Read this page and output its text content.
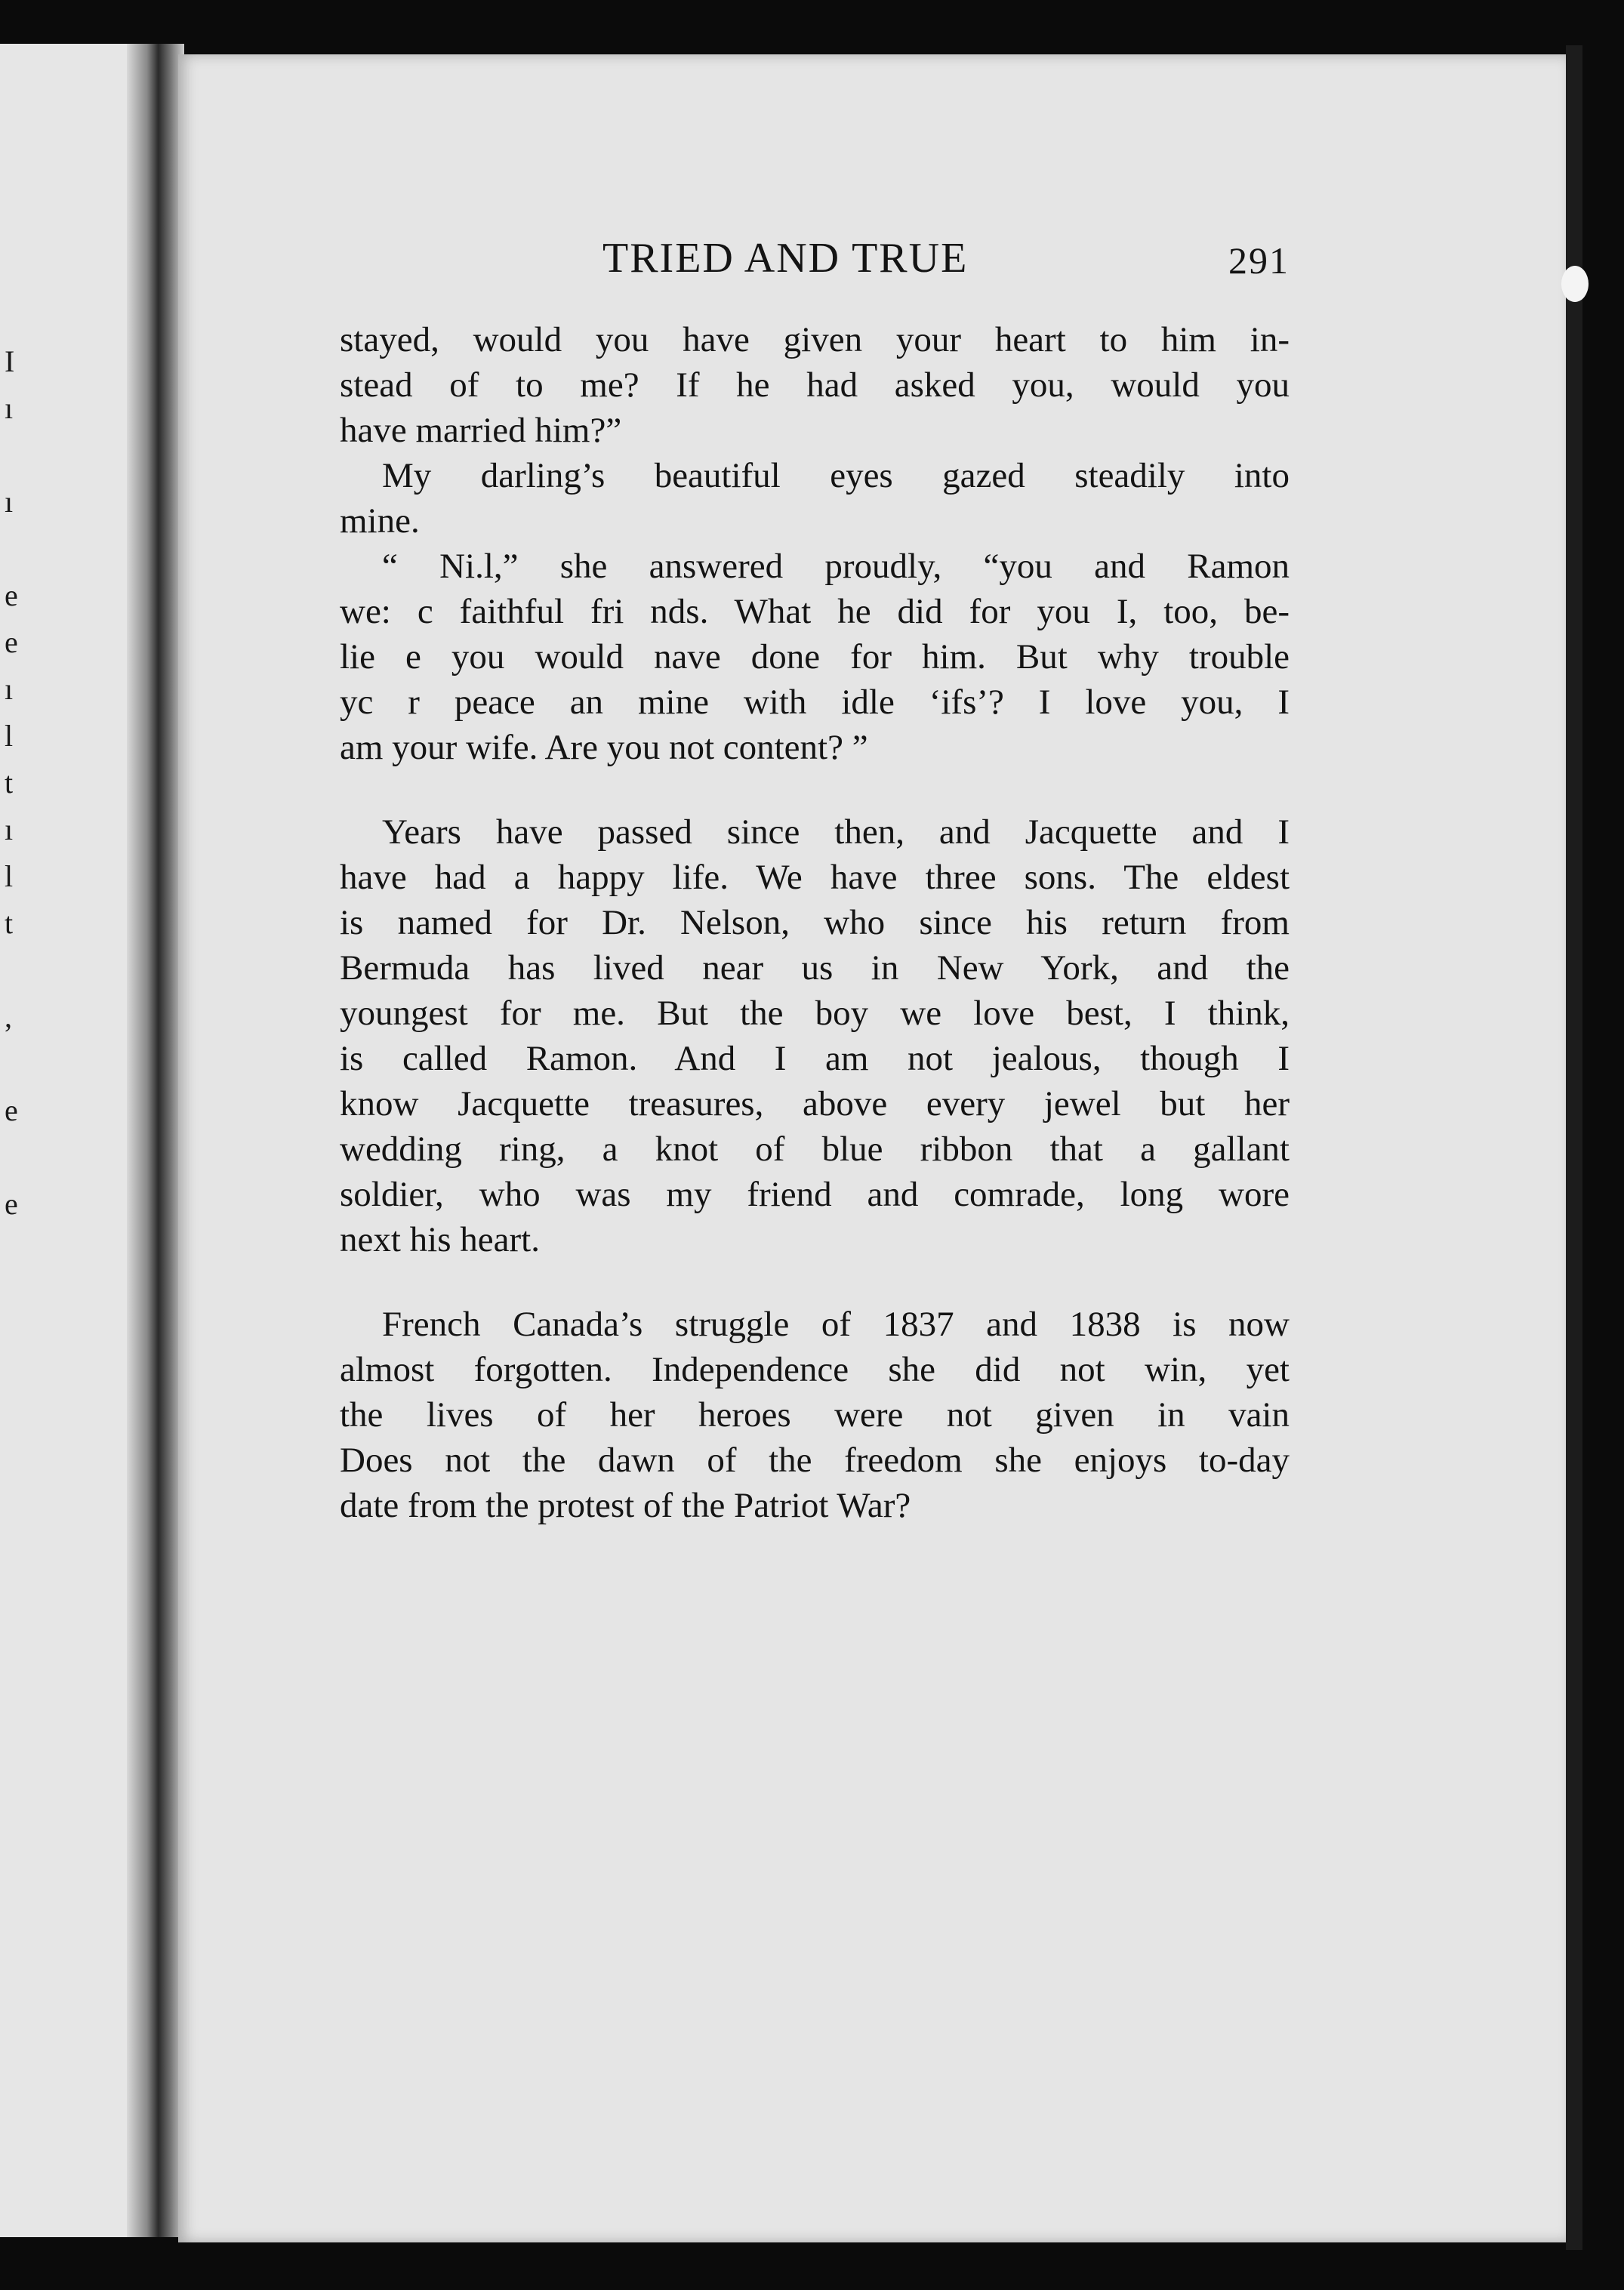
I
ı
ı
e
e
ı
l
t
ı
l
t
,
e
e
TRIED AND TRUE	291
stayed, would you have given your heart to him in-
stead of to me? If he had asked you, would you
have married him?”
My darling’s beautiful eyes gazed steadily into
mine.
“ Ni.l,” she answered proudly, “you and Ramon
we: c faithful fri nds. What he did for you I, too, be-
lie e you would nave done for him. But why trouble
yc r peace an mine with idle ‘ifs’? I love you, I
am your wife. Are you not content? ”
Years have passed since then, and Jacquette and I
have had a happy life. We have three sons. The eldest
is named for Dr. Nelson, who since his return from
Bermuda has lived near us in New York, and the
youngest for me. But the boy we love best, I think,
is called Ramon. And I am not jealous, though I
know Jacquette treasures, above every jewel but her
wedding ring, a knot of blue ribbon that a gallant
soldier, who was my friend and comrade, long wore
next his heart.
French Canada’s struggle of 1837 and 1838 is now
almost forgotten. Independence she did not win, yet
the lives of her heroes were not given in vain
Does not the dawn of the freedom she enjoys to-day
date from the protest of the Patriot War?
